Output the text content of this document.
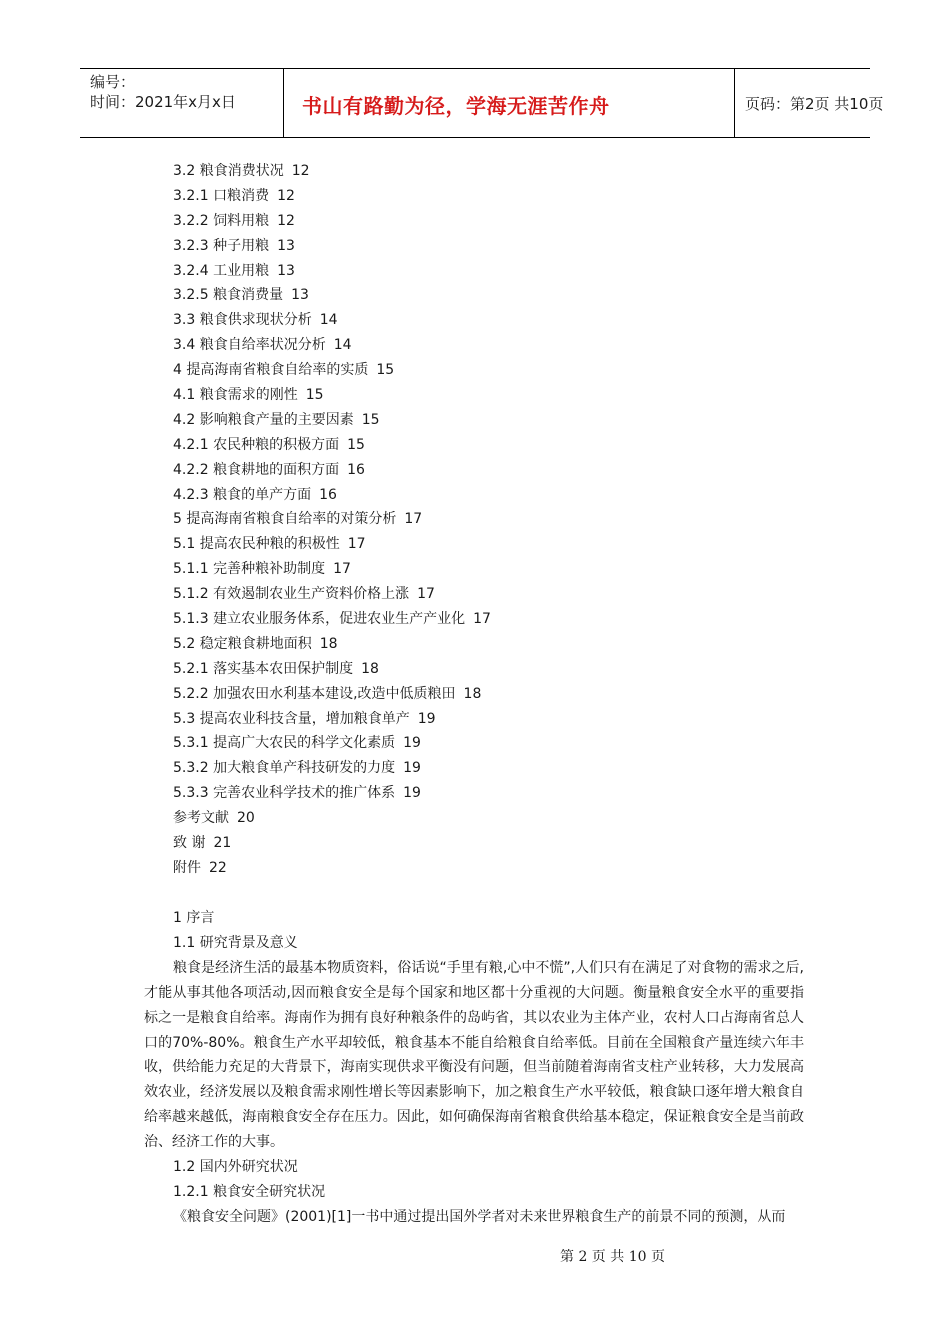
编号：
时间：2021年x月x日	书山有路勤为径，学海无涯苦作舟	页码：第2页 共10页
3.2 粮食消费状况 12
3.2.1 口粮消费 12
3.2.2 饲料用粮 12
3.2.3 种子用粮 13
3.2.4 工业用粮 13
3.2.5 粮食消费量 13
3.3 粮食供求现状分析 14
3.4 粮食自给率状况分析 14
4 提高海南省粮食自给率的实质 15
4.1 粮食需求的刚性 15
4.2 影响粮食产量的主要因素 15
4.2.1 农民种粮的积极方面 15
4.2.2 粮食耕地的面积方面 16
4.2.3 粮食的单产方面 16
5 提高海南省粮食自给率的对策分析 17
5.1 提高农民种粮的积极性 17
5.1.1 完善种粮补助制度 17
5.1.2 有效遏制农业生产资料价格上涨 17
5.1.3 建立农业服务体系，促进农业生产产业化 17
5.2 稳定粮食耕地面积 18
5.2.1 落实基本农田保护制度 18
5.2.2 加强农田水利基本建设,改造中低质粮田 18
5.3 提高农业科技含量，增加粮食单产 19
5.3.1 提高广大农民的科学文化素质 19
5.3.2 加大粮食单产科技研发的力度 19
5.3.3 完善农业科学技术的推广体系 19
参考文献 20
致 谢 21
附件 22
1 序言
1.1 研究背景及意义
粮食是经济生活的最基本物质资料，俗话说“手里有粮,心中不慌”,人们只有在满足了对食物的需求之后,才能从事其他各项活动,因而粮食安全是每个国家和地区都十分重视的大问题。衡量粮食安全水平的重要指标之一是粮食自给率。海南作为拥有良好种粮条件的岛屿省，其以农业为主体产业，农村人口占海南省总人口的70%-80%。粮食生产水平却较低，粮食基本不能自给粮食自给率低。目前在全国粮食产量连续六年丰收，供给能力充足的大背景下，海南实现供求平衡没有问题，但当前随着海南省支柱产业转移，大力发展高效农业，经济发展以及粮食需求刚性增长等因素影响下，加之粮食生产水平较低，粮食缺口逐年增大粮食自给率越来越低，海南粮食安全存在压力。因此，如何确保海南省粮食供给基本稳定，保证粮食安全是当前政治、经济工作的大事。
1.2 国内外研究状况
1.2.1 粮食安全研究状况
《粮食安全问题》(2001)[1]一书中通过提出国外学者对未来世界粮食生产的前景不同的预测，从而
第 2 页 共 10 页
